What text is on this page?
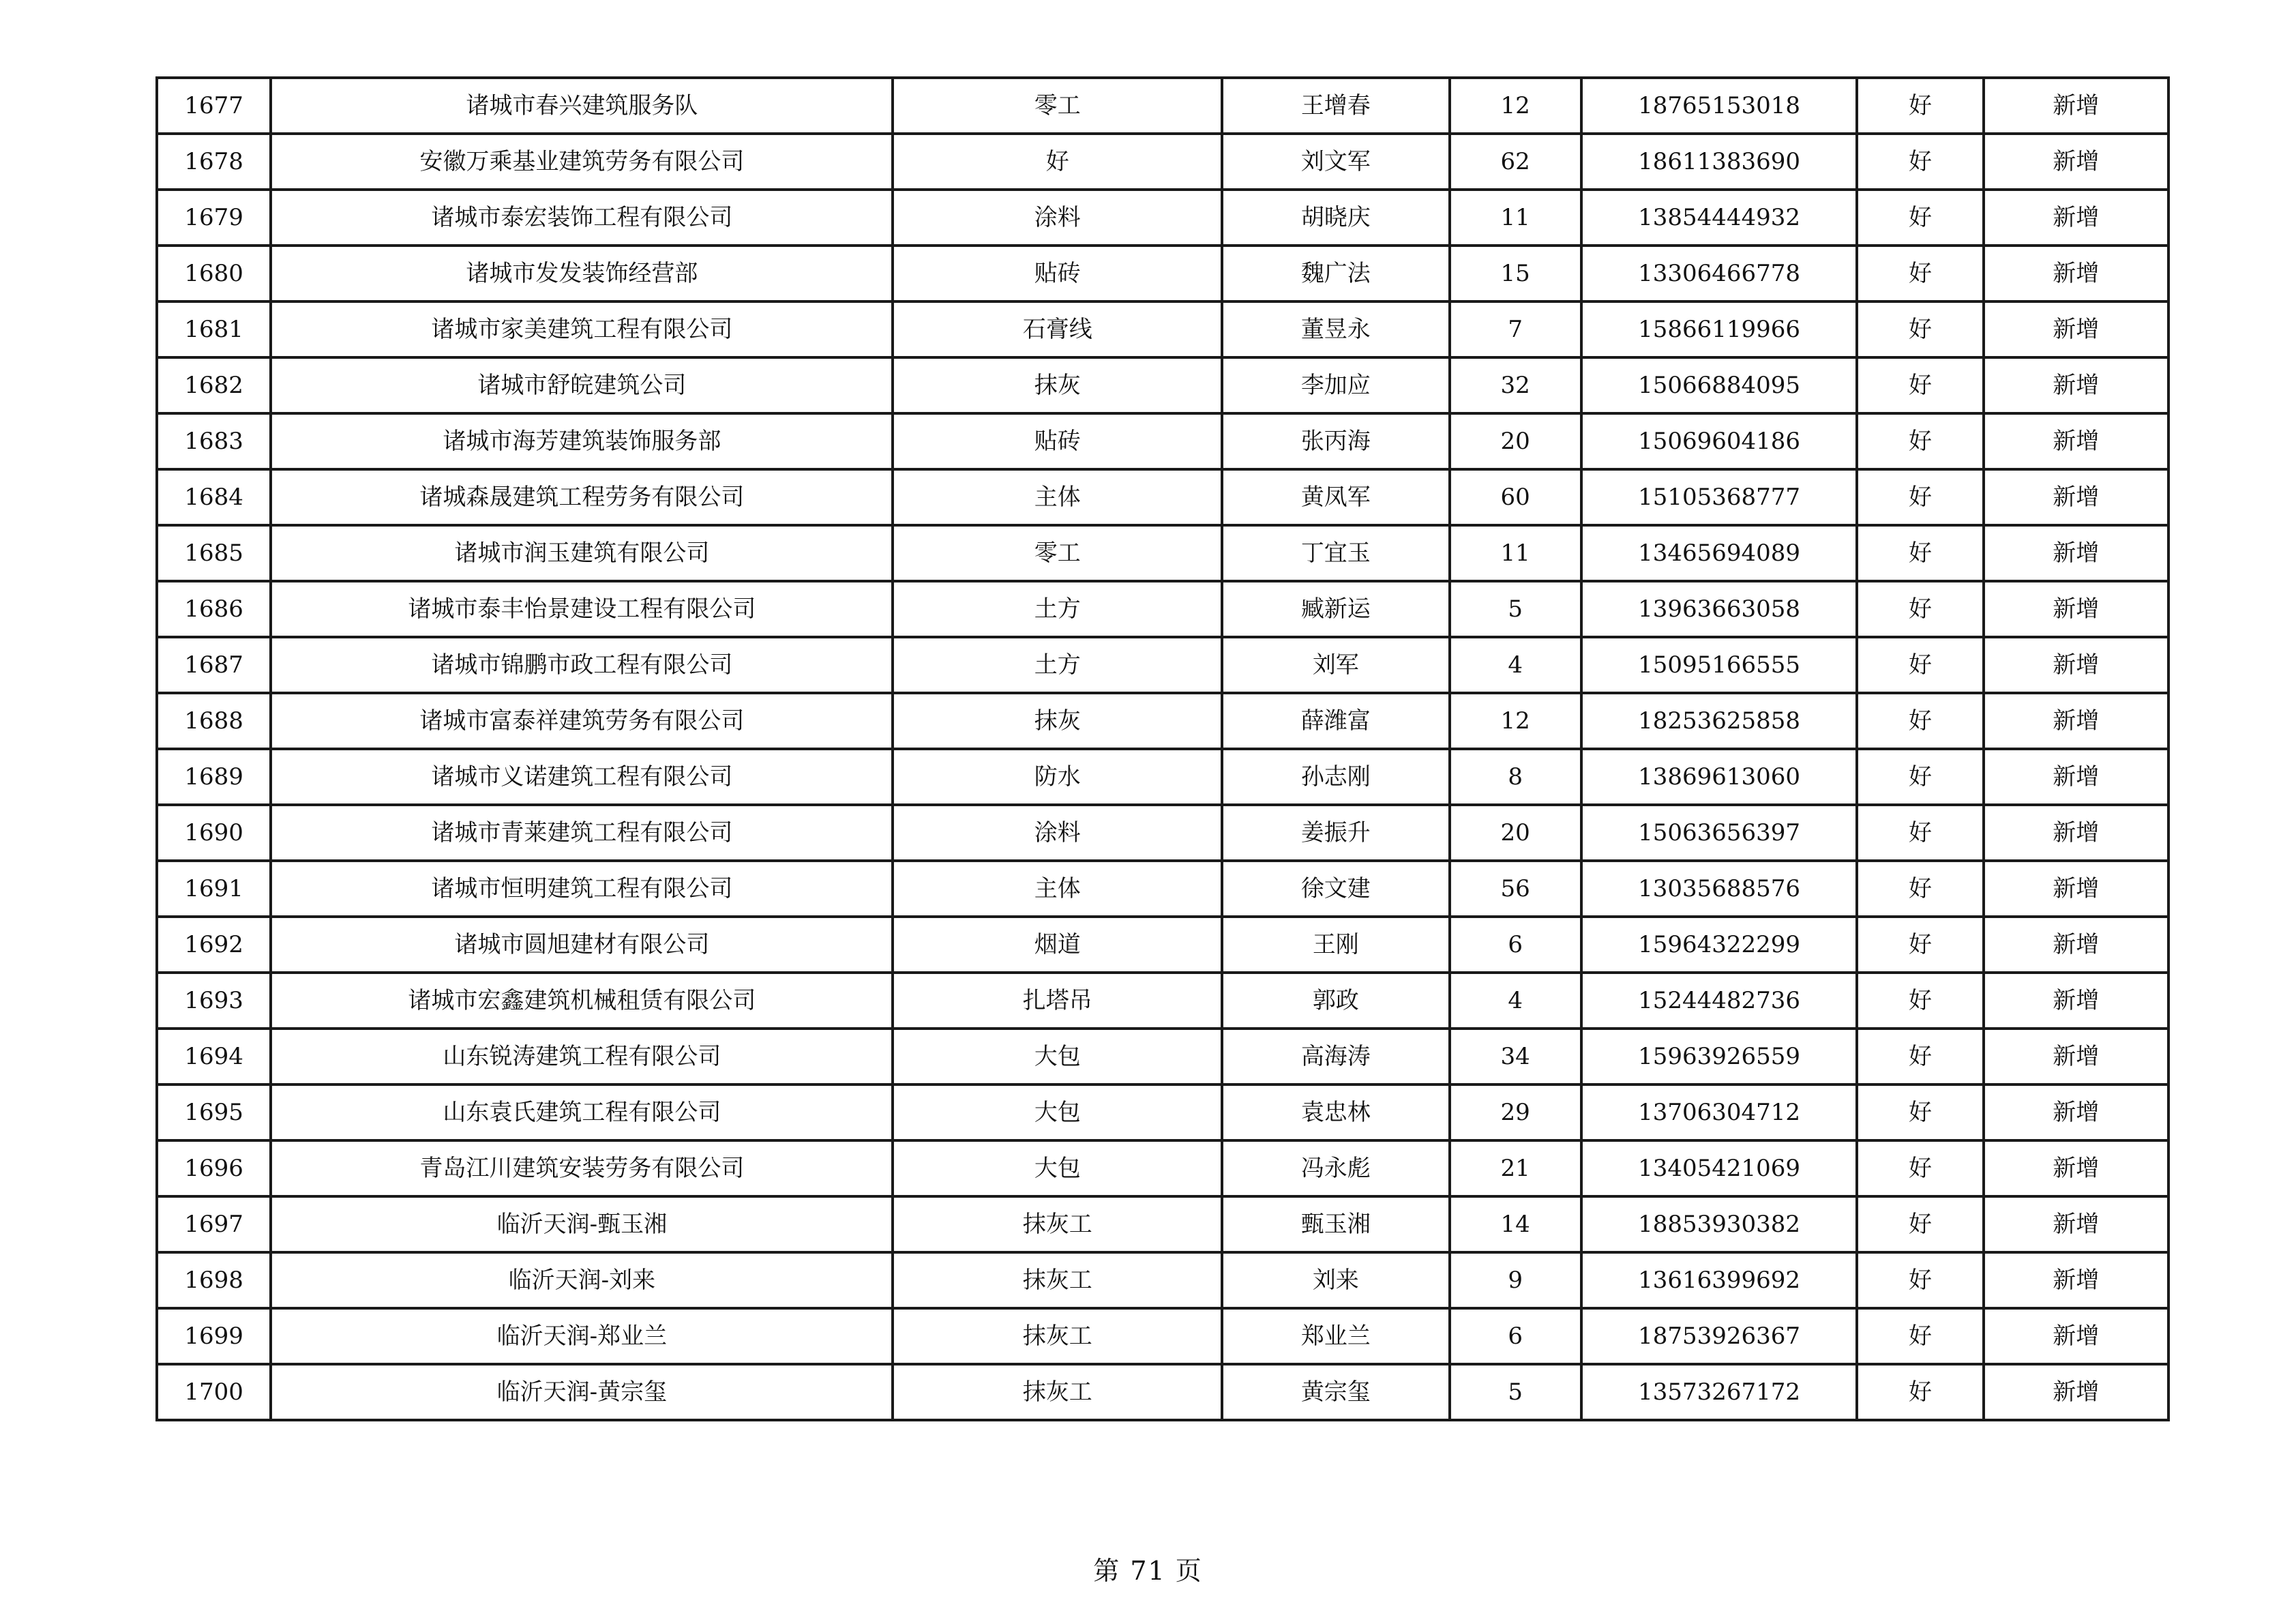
1677	诸城市春兴建筑服务队	零工	王增春	12	18765153018	好	新增
1678	安徽万乘基业建筑劳务有限公司	好	刘文军	62	18611383690	好	新增
1679	诸城市泰宏装饰工程有限公司	涂料	胡晓庆	11	13854444932	好	新增
1680	诸城市发发装饰经营部	贴砖	魏广法	15	13306466778	好	新增
1681	诸城市家美建筑工程有限公司	石膏线	董昱永	7	15866119966	好	新增
1682	诸城市舒皖建筑公司	抹灰	李加应	32	15066884095	好	新增
1683	诸城市海芳建筑装饰服务部	贴砖	张丙海	20	15069604186	好	新增
1684	诸城森晟建筑工程劳务有限公司	主体	黄凤军	60	15105368777	好	新增
1685	诸城市润玉建筑有限公司	零工	丁宜玉	11	13465694089	好	新增
1686	诸城市泰丰怡景建设工程有限公司	土方	臧新运	5	13963663058	好	新增
1687	诸城市锦鹏市政工程有限公司	土方	刘军	4	15095166555	好	新增
1688	诸城市富泰祥建筑劳务有限公司	抹灰	薛潍富	12	18253625858	好	新增
1689	诸城市义诺建筑工程有限公司	防水	孙志刚	8	13869613060	好	新增
1690	诸城市青莱建筑工程有限公司	涂料	姜振升	20	15063656397	好	新增
1691	诸城市恒明建筑工程有限公司	主体	徐文建	56	13035688576	好	新增
1692	诸城市圆旭建材有限公司	烟道	王刚	6	15964322299	好	新增
1693	诸城市宏鑫建筑机械租赁有限公司	扎塔吊	郭政	4	15244482736	好	新增
1694	山东锐涛建筑工程有限公司	大包	高海涛	34	15963926559	好	新增
1695	山东袁氏建筑工程有限公司	大包	袁忠林	29	13706304712	好	新增
1696	青岛江川建筑安装劳务有限公司	大包	冯永彪	21	13405421069	好	新增
1697	临沂天润-甄玉湘	抹灰工	甄玉湘	14	18853930382	好	新增
1698	临沂天润-刘来	抹灰工	刘来	9	13616399692	好	新增
1699	临沂天润-郑业兰	抹灰工	郑业兰	6	18753926367	好	新增
1700	临沂天润-黄宗玺	抹灰工	黄宗玺	5	13573267172	好	新增
第 71 页
